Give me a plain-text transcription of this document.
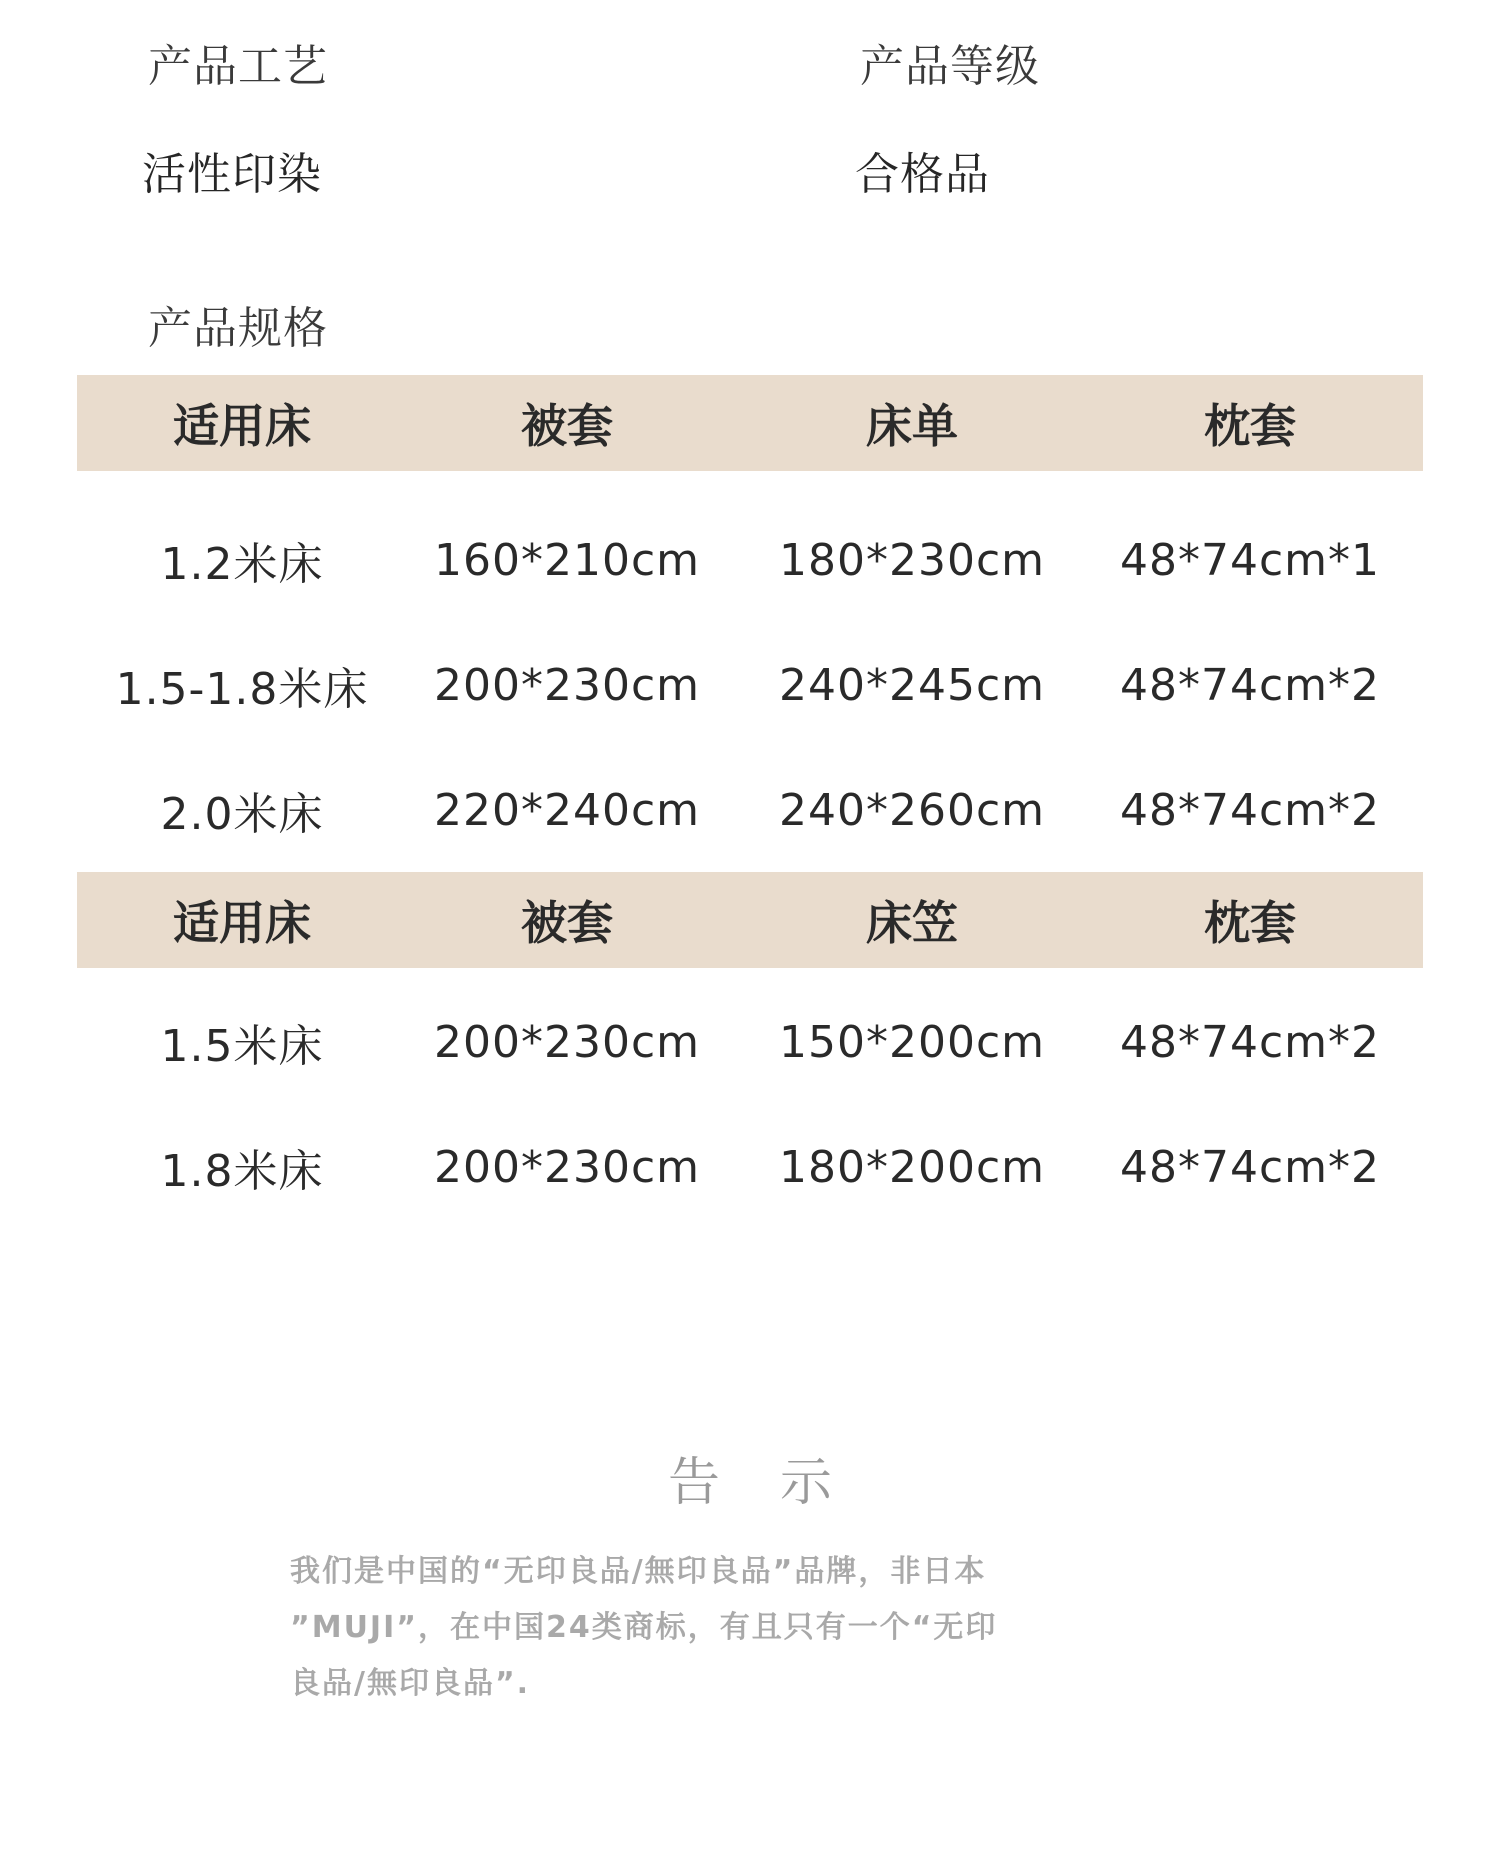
产品工艺	产品等级
活性印染	合格品
产品规格
适用床	被套	床单	枕套
1.2米床	160*210cm	180*230cm	48*74cm*1
1.5-1.8米床	200*230cm	240*245cm	48*74cm*2
2.0米床	220*240cm	240*260cm	48*74cm*2
适用床	被套	床笠	枕套
1.5米床	200*230cm	150*200cm	48*74cm*2
1.8米床	200*230cm	180*200cm	48*74cm*2
告示
我们是中国的“无印良品/無印良品”品牌，非日本
”MUJI”，在中国24类商标，有且只有一个“无印
良品/無印良品”.
